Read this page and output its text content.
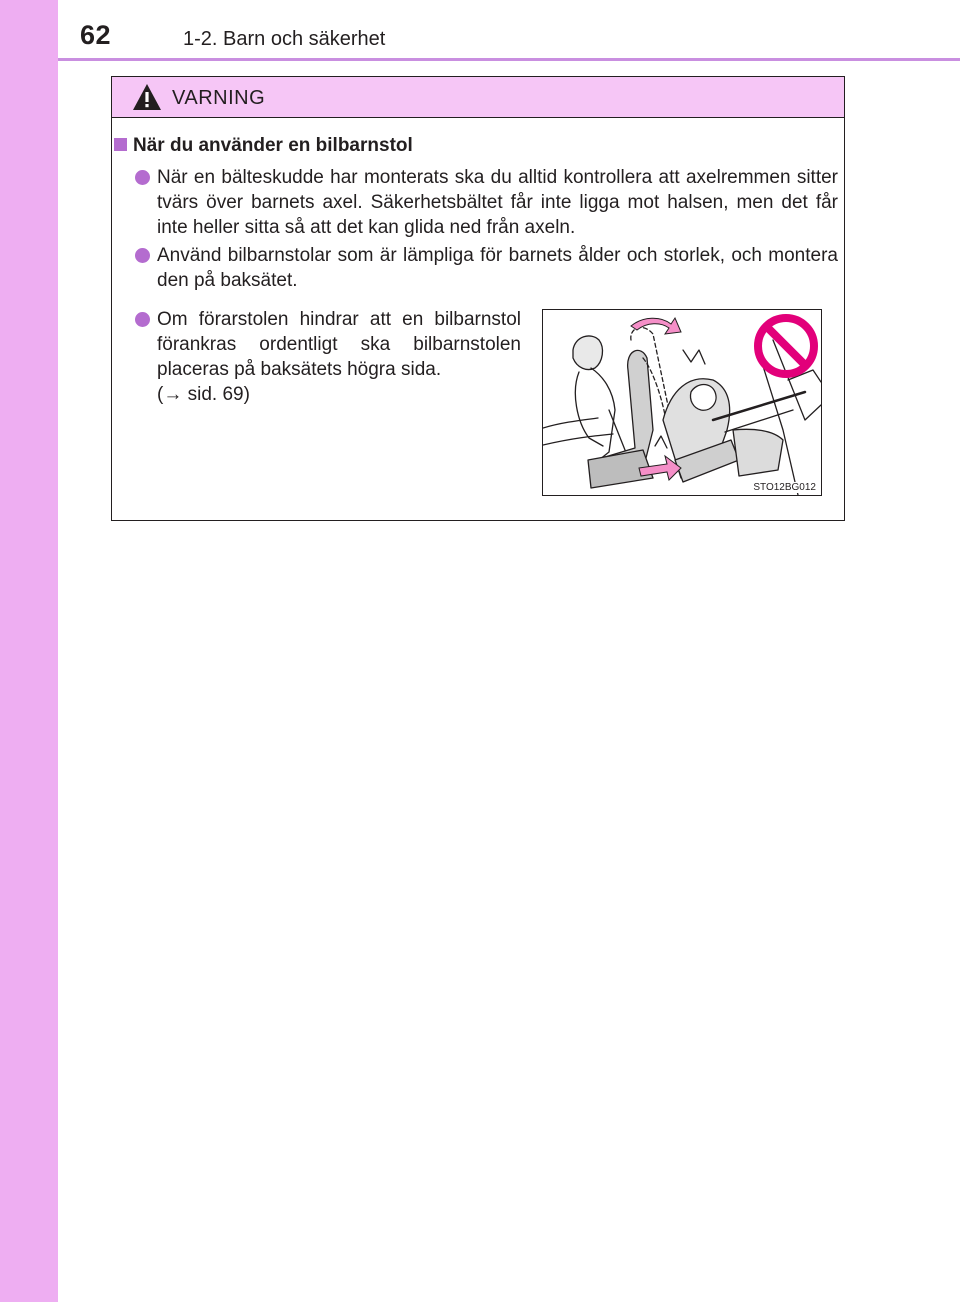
62	1-2. Barn och säkerhet
VARNING
När du använder en bilbarnstol
När en bälteskudde har monterats ska du alltid kontrollera att axelremmen sitter tvärs över barnets axel. Säkerhetsbältet får inte ligga mot halsen, men det får inte heller sitta så att det kan glida ned från axeln.
Använd bilbarnstolar som är lämpliga för barnets ålder och storlek, och montera den på baksätet.
Om förarstolen hindrar att en bilbarnstol förankras ordentligt ska bilbarnstolen placeras på baksätets högra sida.
(→ sid. 69)
STO12BG012
